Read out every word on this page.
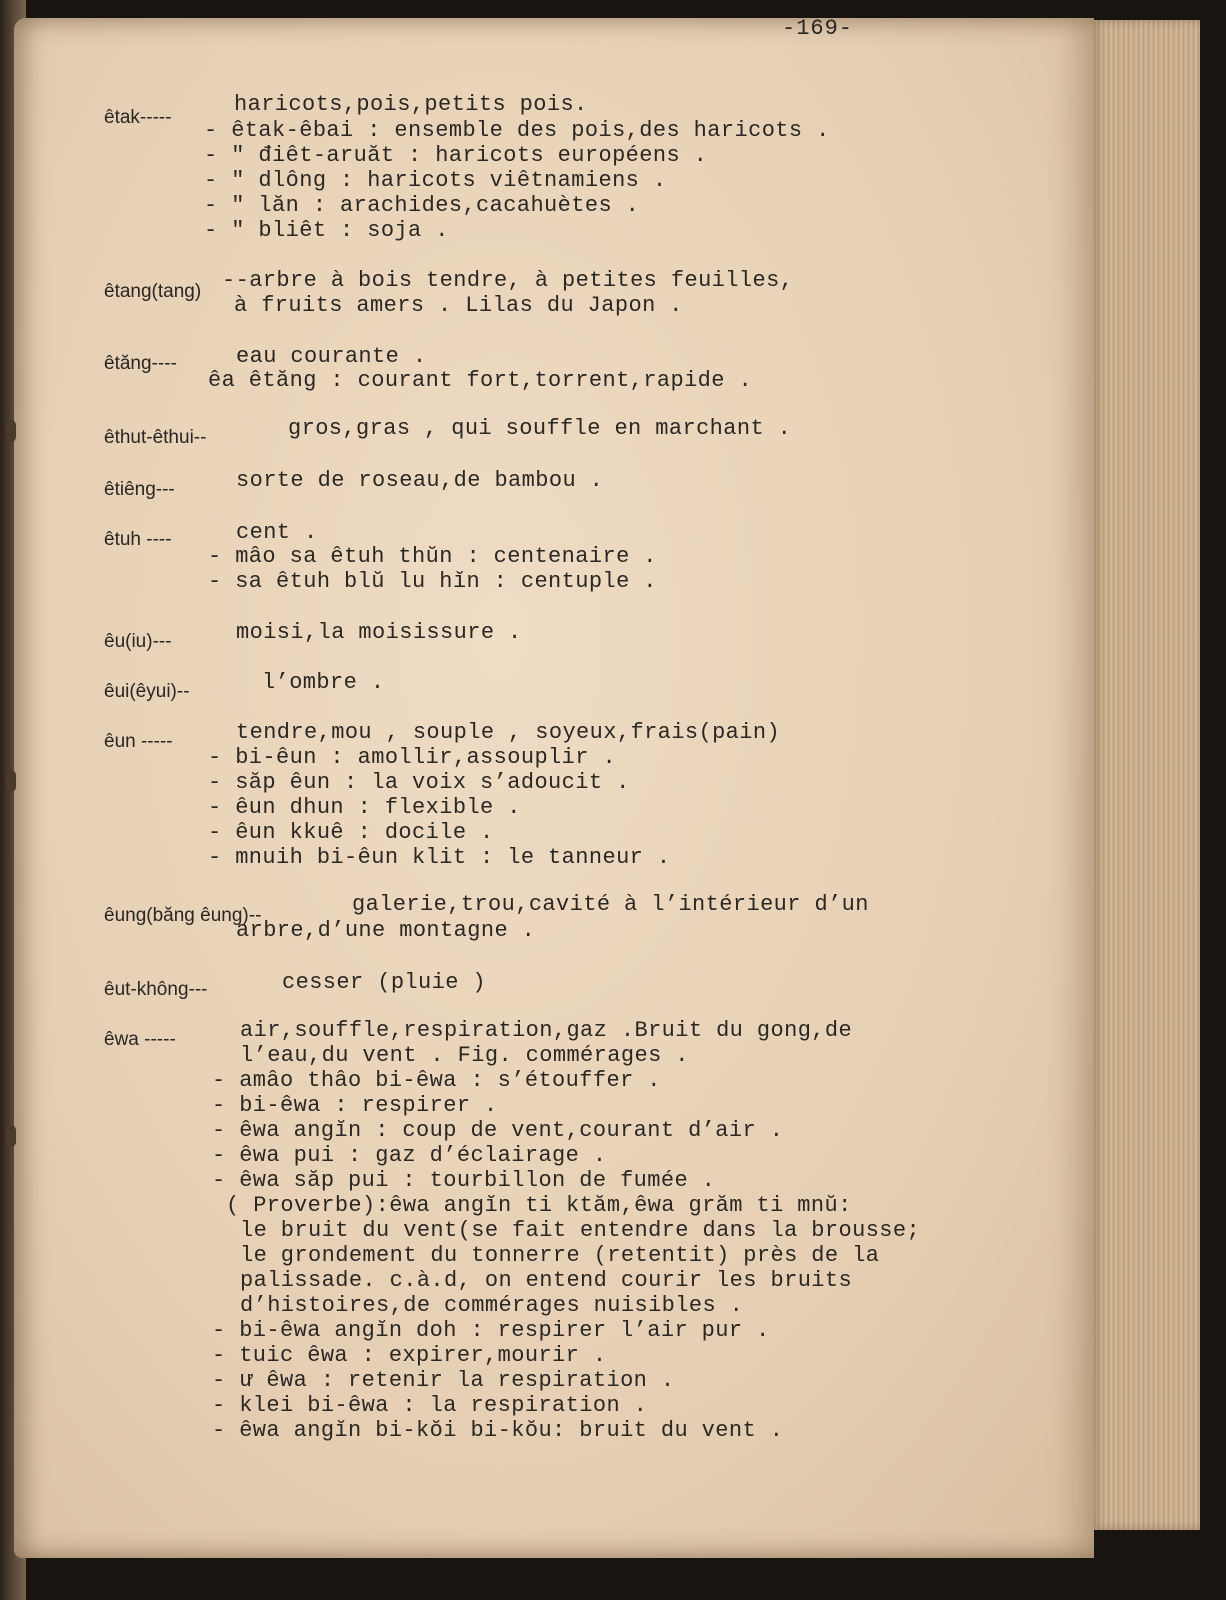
-169-
êtak-----
haricots,pois,petits pois.
- êtak-êbai : ensemble des pois,des haricots .
- " điêt-aruăt : haricots européens .
- " dlông : haricots viêtnamiens .
- " lăn : arachides,cacahuètes .
- " bliêt : soja .
êtang(tang) --arbre à bois tendre, à petites feuilles,
à fruits amers . Lilas du Japon .
êtăng----	eau courante .
êa êtăng : courant fort,torrent,rapide .
êthut-êthui--	gros,gras , qui souffle en marchant .
êtiêng---	sorte de roseau,de bambou .
êtuh ----	cent .
- mâo sa êtuh thŭn : centenaire .
- sa êtuh blŭ lu hĭn : centuple .
êu(iu)---	moisi,la moisissure .
êui(êyui)--	l’ombre .
êun -----	tendre,mou , souple , soyeux,frais(pain)
- bi-êun : amollir,assouplir .
- săp êun : la voix s’adoucit .
- êun dhun : flexible .
- êun kkuê : docile .
- mnuih bi-êun klit : le tanneur .
êung(băng êung)--	galerie,trou,cavité à l’intérieur d’un
arbre,d’une montagne .
êut-không---	cesser (pluie )
êwa -----	air,souffle,respiration,gaz .Bruit du gong,de
l’eau,du vent . Fig. commérages .
- amâo thâo bi-êwa : s’étouffer .
- bi-êwa : respirer .
- êwa angĭn : coup de vent,courant d’air .
- êwa pui : gaz d’éclairage .
- êwa săp pui : tourbillon de fumée .
( Proverbe):êwa angĭn ti ktăm,êwa grăm ti mnŭ:
le bruit du vent(se fait entendre dans la brousse;
le grondement du tonnerre (retentit) près de la
palissade. c.à.d, on entend courir les bruits
d’histoires,de commérages nuisibles .
- bi-êwa angĭn doh : respirer l’air pur .
- tuic êwa : expirer,mourir .
- ư êwa : retenir la respiration .
- klei bi-êwa : la respiration .
- êwa angĭn bi-kŏi bi-kŏu: bruit du vent .
